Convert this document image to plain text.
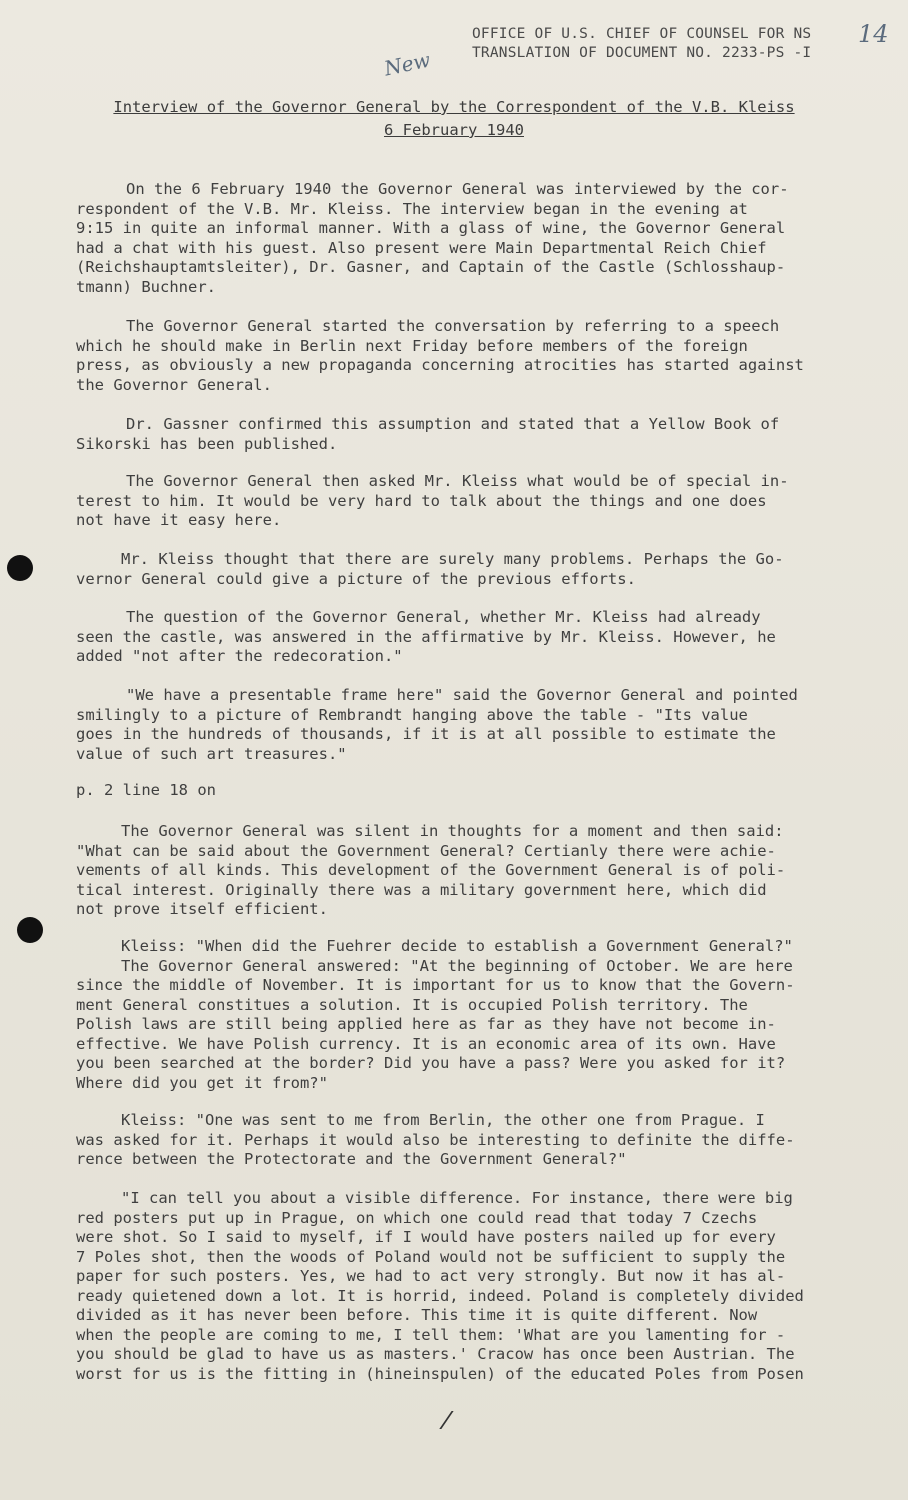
OFFICE OF U.S. CHIEF OF COUNSEL FOR NS
TRANSLATION OF DOCUMENT NO. 2233-PS -I
New
14
Interview of the Governor General by the Correspondent of the V.B. Kleiss
6 February 1940
On the 6 February 1940 the Governor General was interviewed by the cor-
respondent of the V.B. Mr. Kleiss. The interview began in the evening at
9:15 in quite an informal manner. With a glass of wine, the Governor General
had a chat with his guest. Also present were Main Departmental Reich Chief
(Reichshauptamtsleiter), Dr. Gasner, and Captain of the Castle (Schlosshaup-
tmann) Buchner.
The Governor General started the conversation by referring to a speech
which he should make in Berlin next Friday before members of the foreign
press, as obviously a new propaganda concerning atrocities has started against
the Governor General.
Dr. Gassner confirmed this assumption and stated that a Yellow Book of
Sikorski has been published.
The Governor General then asked Mr. Kleiss what would be of special in-
terest to him. It would be very hard to talk about the things and one does
not have it easy here.
Mr. Kleiss thought that there are surely many problems. Perhaps the Go-
vernor General could give a picture of the previous efforts.
The question of the Governor General, whether Mr. Kleiss had already
seen the castle, was answered in the affirmative by Mr. Kleiss. However, he
added "not after the redecoration."
"We have a presentable frame here" said the Governor General and pointed
smilingly to a picture of Rembrandt hanging above the table - "Its value
goes in the hundreds of thousands, if it is at all possible to estimate the
value of such art treasures."
p. 2 line 18 on
The Governor General was silent in thoughts for a moment and then said:
"What can be said about the Government General? Certianly there were achie-
vements of all kinds. This development of the Government General is of poli-
tical interest. Originally there was a military government here, which did
not prove itself efficient.
Kleiss: "When did the Fuehrer decide to establish a Government General?"
The Governor General answered: "At the beginning of October. We are here
since the middle of November. It is important for us to know that the Govern-
ment General constitues a solution. It is occupied Polish territory. The
Polish laws are still being applied here as far as they have not become in-
effective. We have Polish currency. It is an economic area of its own. Have
you been searched at the border? Did you have a pass? Were you asked for it?
Where did you get it from?"
Kleiss: "One was sent to me from Berlin, the other one from Prague. I
was asked for it. Perhaps it would also be interesting to definite the diffe-
rence between the Protectorate and the Government General?"
"I can tell you about a visible difference. For instance, there were big
red posters put up in Prague, on which one could read that today 7 Czechs
were shot. So I said to myself, if I would have posters nailed up for every
7 Poles shot, then the woods of Poland would not be sufficient to supply the
paper for such posters. Yes, we had to act very strongly. But now it has al-
ready quietened down a lot. It is horrid, indeed. Poland is completely divided
divided as it has never been before. This time it is quite different. Now
when the people are coming to me, I tell them: 'What are you lamenting for -
you should be glad to have us as masters.' Cracow has once been Austrian. The
worst for us is the fitting in (hineinspulen) of the educated Poles from Posen
/
